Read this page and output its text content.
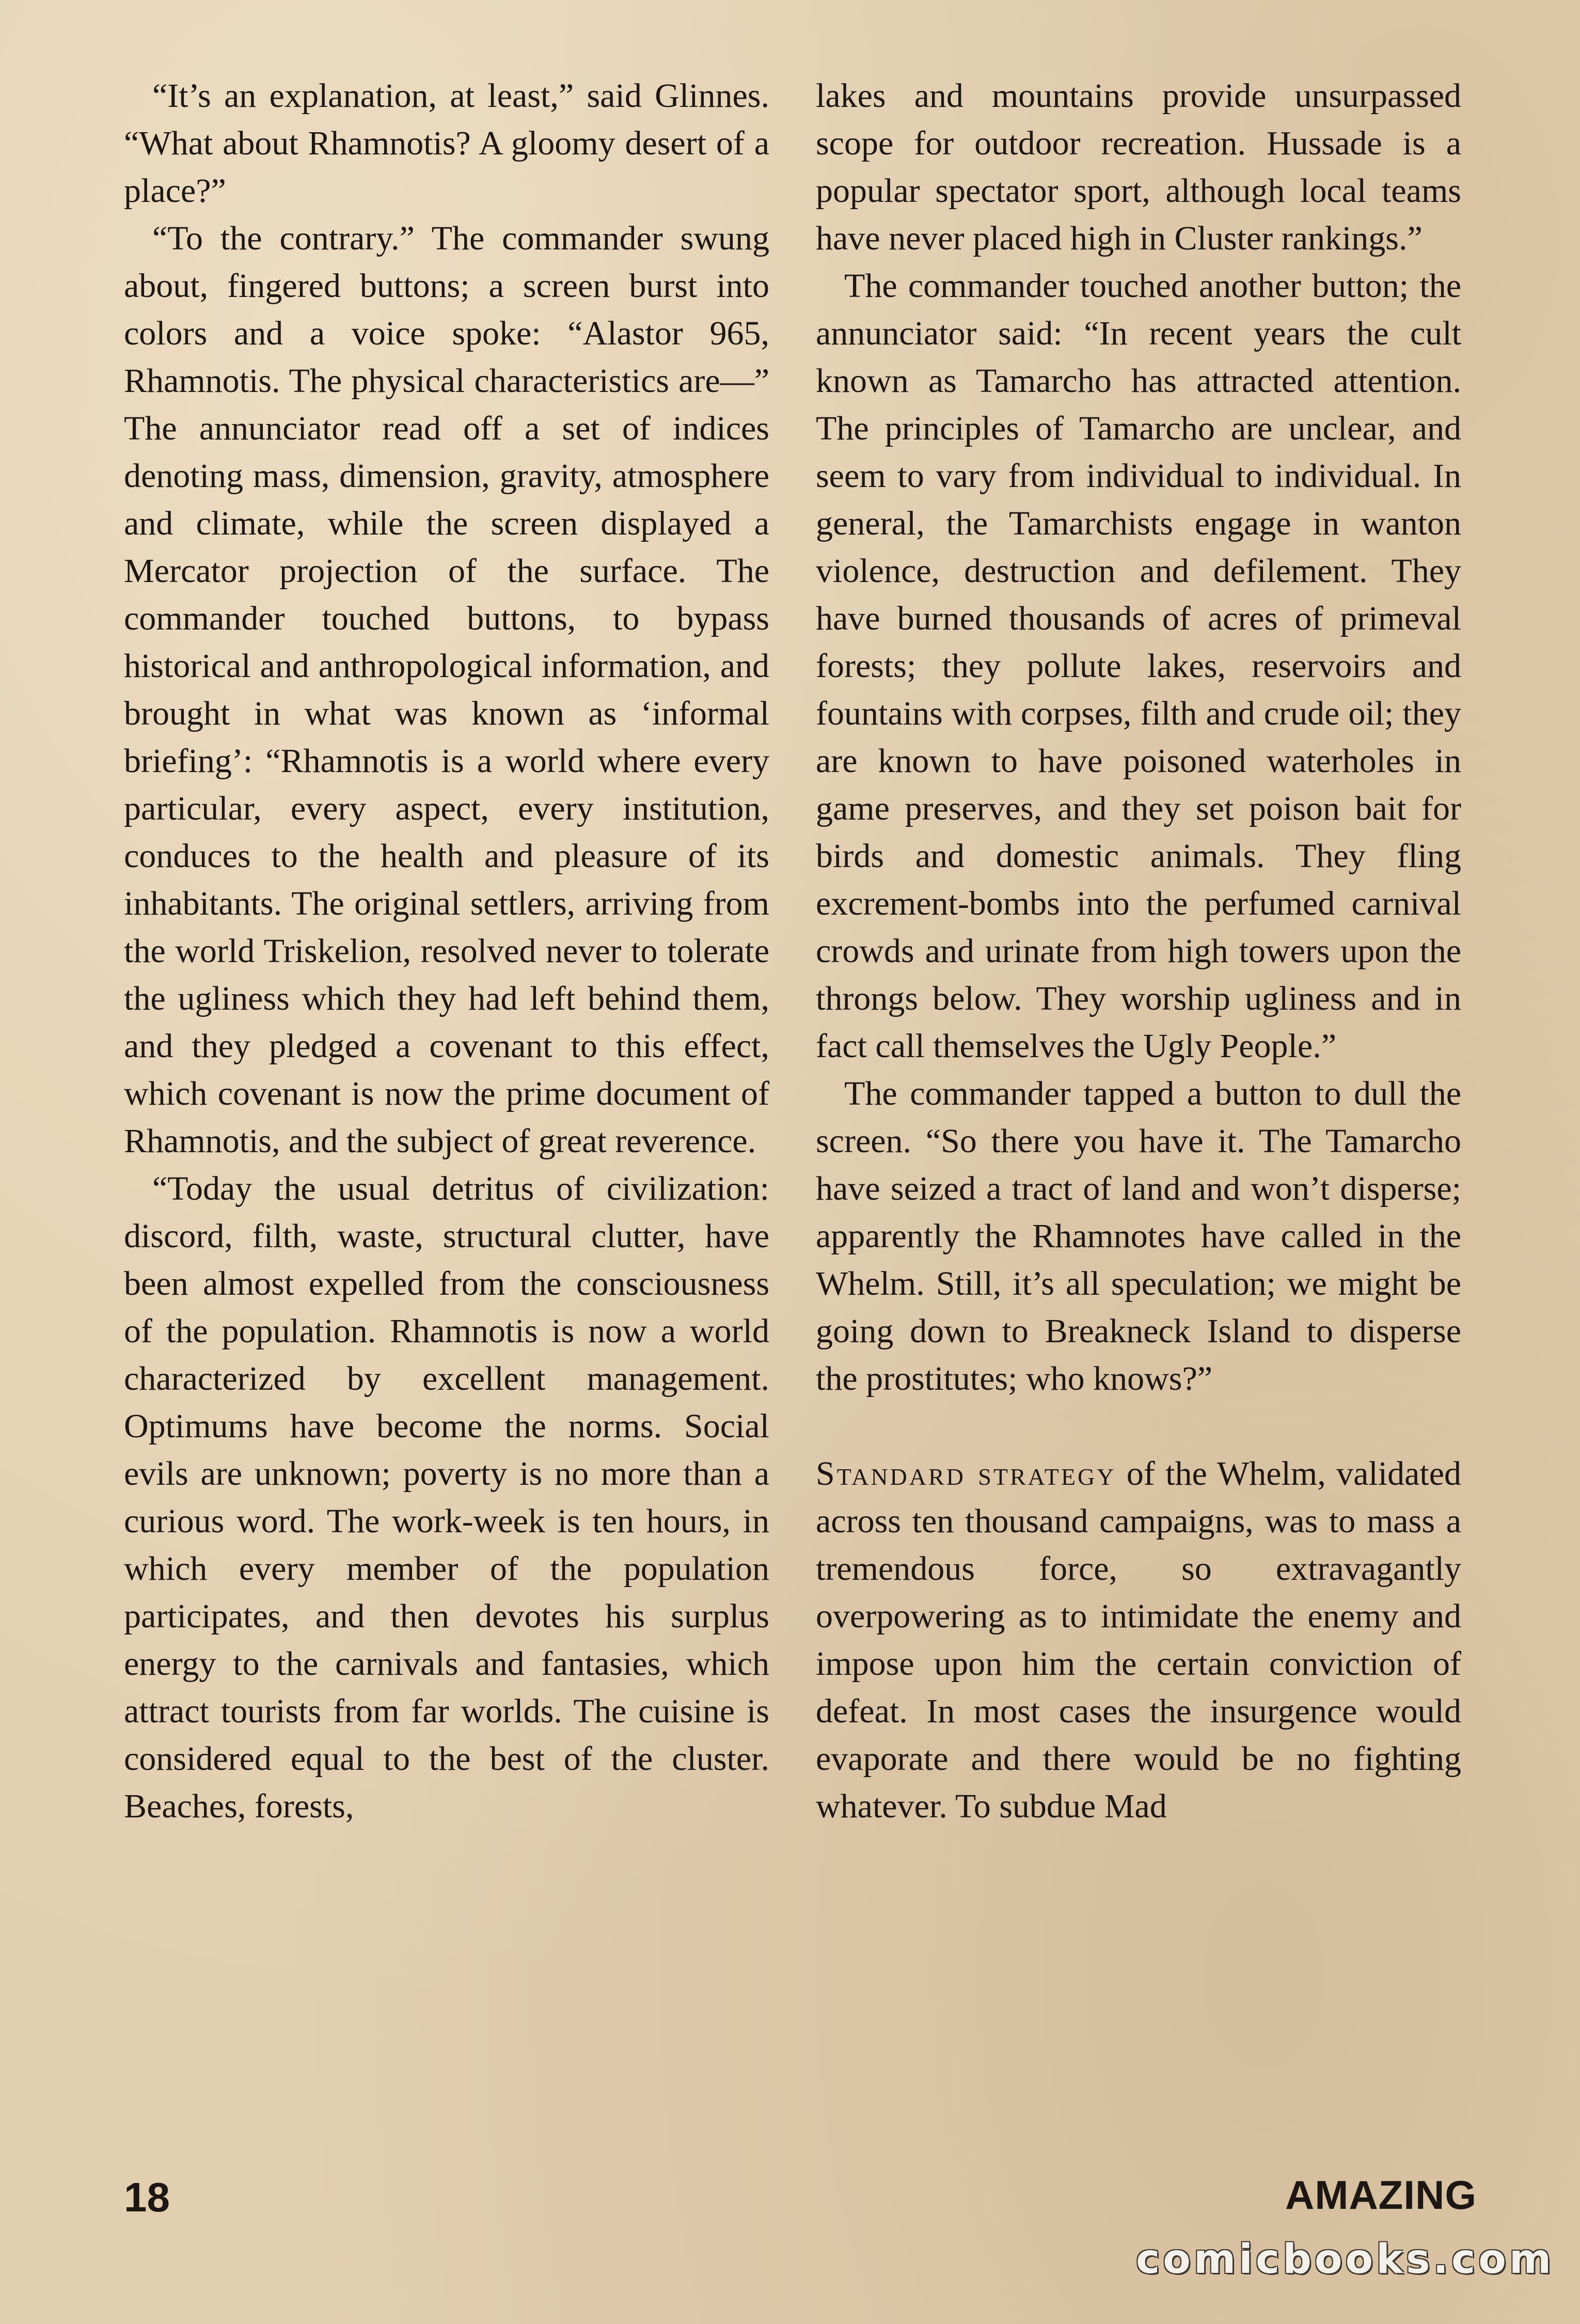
“It’s an explanation, at least,” said Glinnes. “What about Rhamnotis? A gloomy desert of a place?”

“To the contrary.” The commander swung about, fingered buttons; a screen burst into colors and a voice spoke: “Alastor 965, Rhamnotis. The physical characteristics are—” The annunciator read off a set of indices denoting mass, dimension, gravity, atmosphere and climate, while the screen displayed a Mercator projection of the surface. The commander touched buttons, to bypass historical and anthropological information, and brought in what was known as ‘informal briefing’: “Rhamnotis is a world where every particular, every aspect, every institution, conduces to the health and pleasure of its inhabitants. The original settlers, arriving from the world Triskelion, resolved never to tolerate the ugliness which they had left behind them, and they pledged a covenant to this effect, which covenant is now the prime document of Rhamnotis, and the subject of great reverence.

“Today the usual detritus of civilization: discord, filth, waste, structural clutter, have been almost expelled from the consciousness of the population. Rhamnotis is now a world characterized by excellent management. Optimums have become the norms. Social evils are unknown; poverty is no more than a curious word. The work-week is ten hours, in which every member of the population participates, and then devotes his surplus energy to the carnivals and fantasies, which attract tourists from far worlds. The cuisine is considered equal to the best of the cluster. Beaches, forests,

lakes and mountains provide unsurpassed scope for outdoor recreation. Hussade is a popular spectator sport, although local teams have never placed high in Cluster rankings.”

The commander touched another button; the annunciator said: “In recent years the cult known as Tamarcho has attracted attention. The principles of Tamarcho are unclear, and seem to vary from individual to individual. In general, the Tamarchists engage in wanton violence, destruction and defilement. They have burned thousands of acres of primeval forests; they pollute lakes, reservoirs and fountains with corpses, filth and crude oil; they are known to have poisoned waterholes in game preserves, and they set poison bait for birds and domestic animals. They fling excrement-bombs into the perfumed carnival crowds and urinate from high towers upon the throngs below. They worship ugliness and in fact call themselves the Ugly People.”

The commander tapped a button to dull the screen. “So there you have it. The Tamarcho have seized a tract of land and won’t disperse; apparently the Rhamnotes have called in the Whelm. Still, it’s all speculation; we might be going down to Breakneck Island to disperse the prostitutes; who knows?”

Standard strategy of the Whelm, validated across ten thousand campaigns, was to mass a tremendous force, so extravagantly overpowering as to intimidate the enemy and impose upon him the certain conviction of defeat. In most cases the insurgence would evaporate and there would be no fighting whatever. To subdue Mad

18	AMAZING
comicbooks.com
